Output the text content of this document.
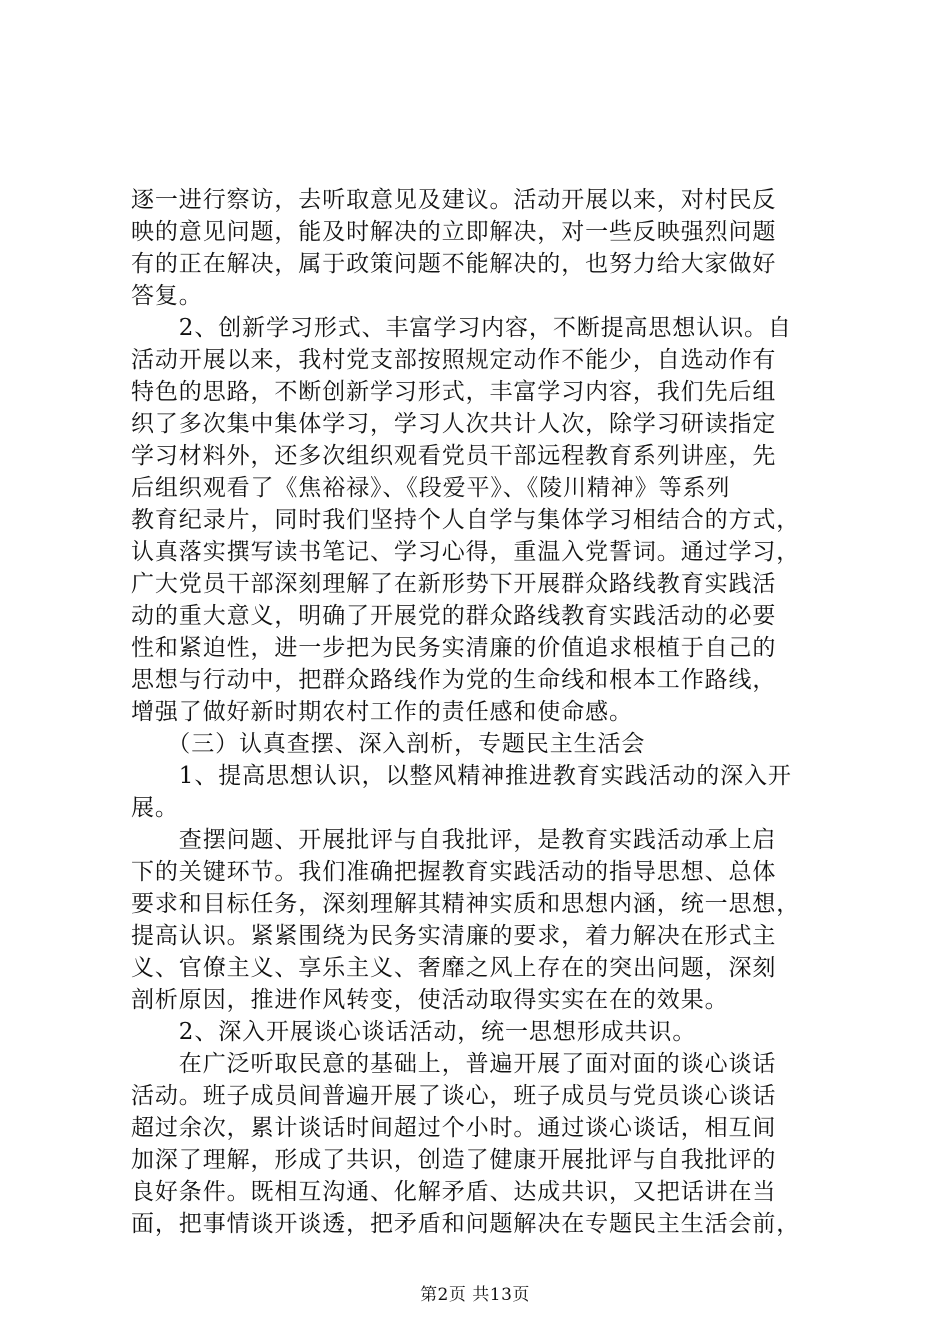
逐一进行察访，去听取意见及建议。活动开展以来，对村民反
映的意见问题，能及时解决的立即解决，对一些反映强烈问题
有的正在解决，属于政策问题不能解决的，也努力给大家做好
答复。
　　2、创新学习形式、丰富学习内容，不断提高思想认识。自
活动开展以来，我村党支部按照规定动作不能少，自选动作有
特色的思路，不断创新学习形式，丰富学习内容，我们先后组
织了多次集中集体学习，学习人次共计人次，除学习研读指定
学习材料外，还多次组织观看党员干部远程教育系列讲座，先
后组织观看了《焦裕禄》、《段爱平》、《陵川精神》等系列
教育纪录片，同时我们坚持个人自学与集体学习相结合的方式，
认真落实撰写读书笔记、学习心得，重温入党誓词。通过学习，
广大党员干部深刻理解了在新形势下开展群众路线教育实践活
动的重大意义，明确了开展党的群众路线教育实践活动的必要
性和紧迫性，进一步把为民务实清廉的价值追求根植于自己的
思想与行动中，把群众路线作为党的生命线和根本工作路线，
增强了做好新时期农村工作的责任感和使命感。
　　（三）认真查摆、深入剖析，专题民主生活会
　　1、提高思想认识，以整风精神推进教育实践活动的深入开
展。
　　查摆问题、开展批评与自我批评，是教育实践活动承上启
下的关键环节。我们准确把握教育实践活动的指导思想、总体
要求和目标任务，深刻理解其精神实质和思想内涵，统一思想，
提高认识。紧紧围绕为民务实清廉的要求，着力解决在形式主
义、官僚主义、享乐主义、奢靡之风上存在的突出问题，深刻
剖析原因，推进作风转变，使活动取得实实在在的效果。
　　2、深入开展谈心谈话活动，统一思想形成共识。
　　在广泛听取民意的基础上，普遍开展了面对面的谈心谈话
活动。班子成员间普遍开展了谈心，班子成员与党员谈心谈话
超过余次，累计谈话时间超过个小时。通过谈心谈话，相互间
加深了理解，形成了共识，创造了健康开展批评与自我批评的
良好条件。既相互沟通、化解矛盾、达成共识，又把话讲在当
面，把事情谈开谈透，把矛盾和问题解决在专题民主生活会前，
第2页 共13页
